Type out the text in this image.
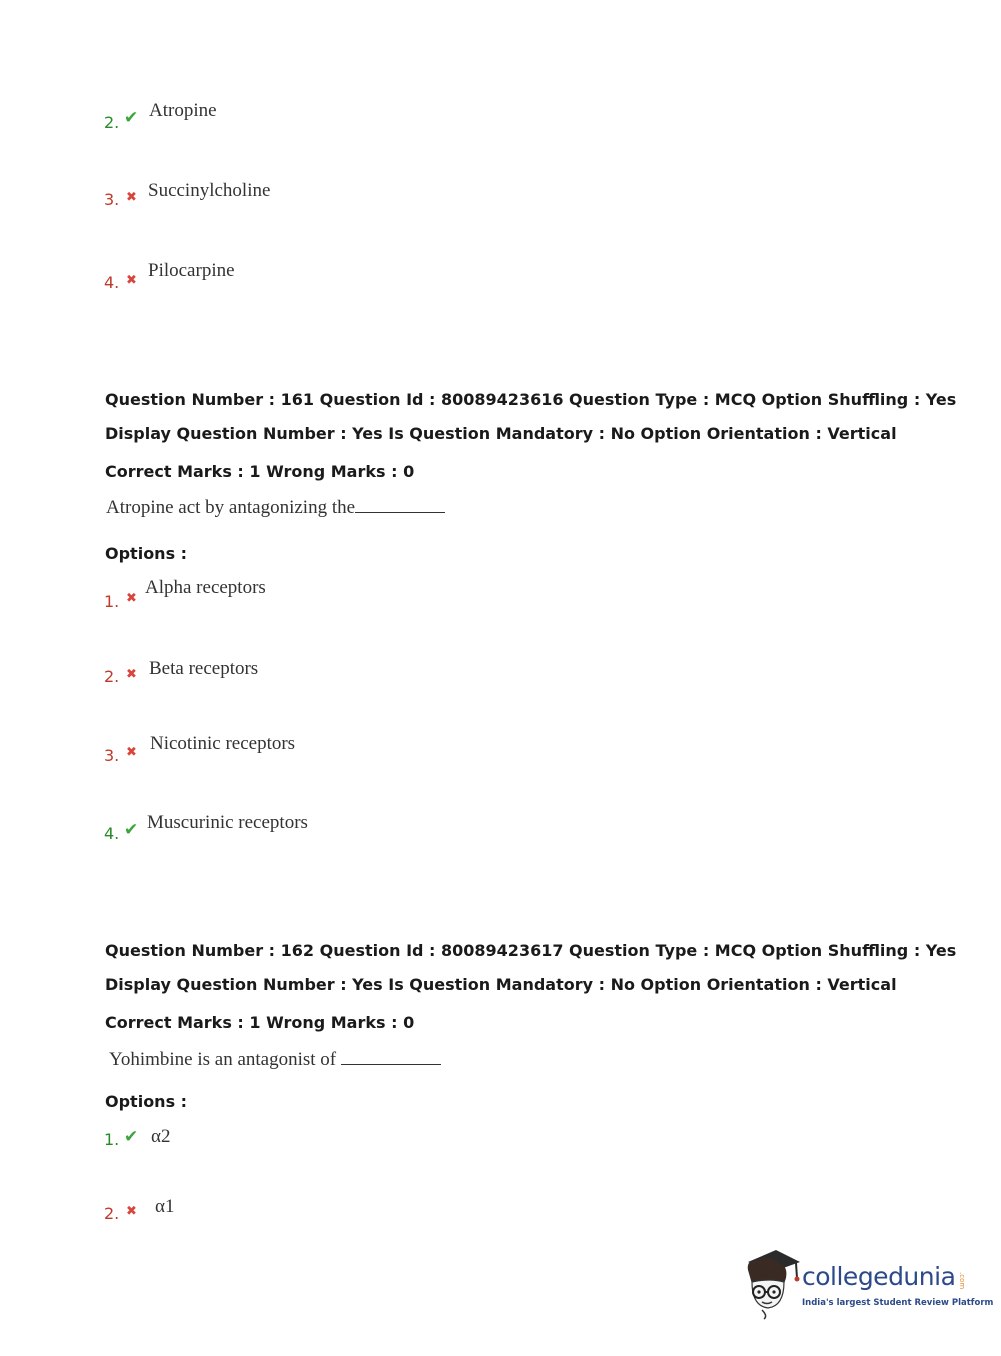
2. ✔ Atropine
3. ✖ Succinylcholine
4. ✖ Pilocarpine
Question Number : 161 Question Id : 80089423616 Question Type : MCQ Option Shuffling : Yes
Display Question Number : Yes Is Question Mandatory : No Option Orientation : Vertical
Correct Marks : 1 Wrong Marks : 0
Atropine act by antagonizing the
Options :
1. ✖
Alpha receptors
2. ✖ Beta receptors
3. ✖ Nicotinic receptors
4. ✔ Muscurinic receptors
Question Number : 162 Question Id : 80089423617 Question Type : MCQ Option Shuffling : Yes
Display Question Number : Yes Is Question Mandatory : No Option Orientation : Vertical
Correct Marks : 1 Wrong Marks : 0
Yohimbine is an antagonist of
Options :
1. ✔ α2
2. ✖ α1
collegedunia .com
India's largest Student Review Platform
